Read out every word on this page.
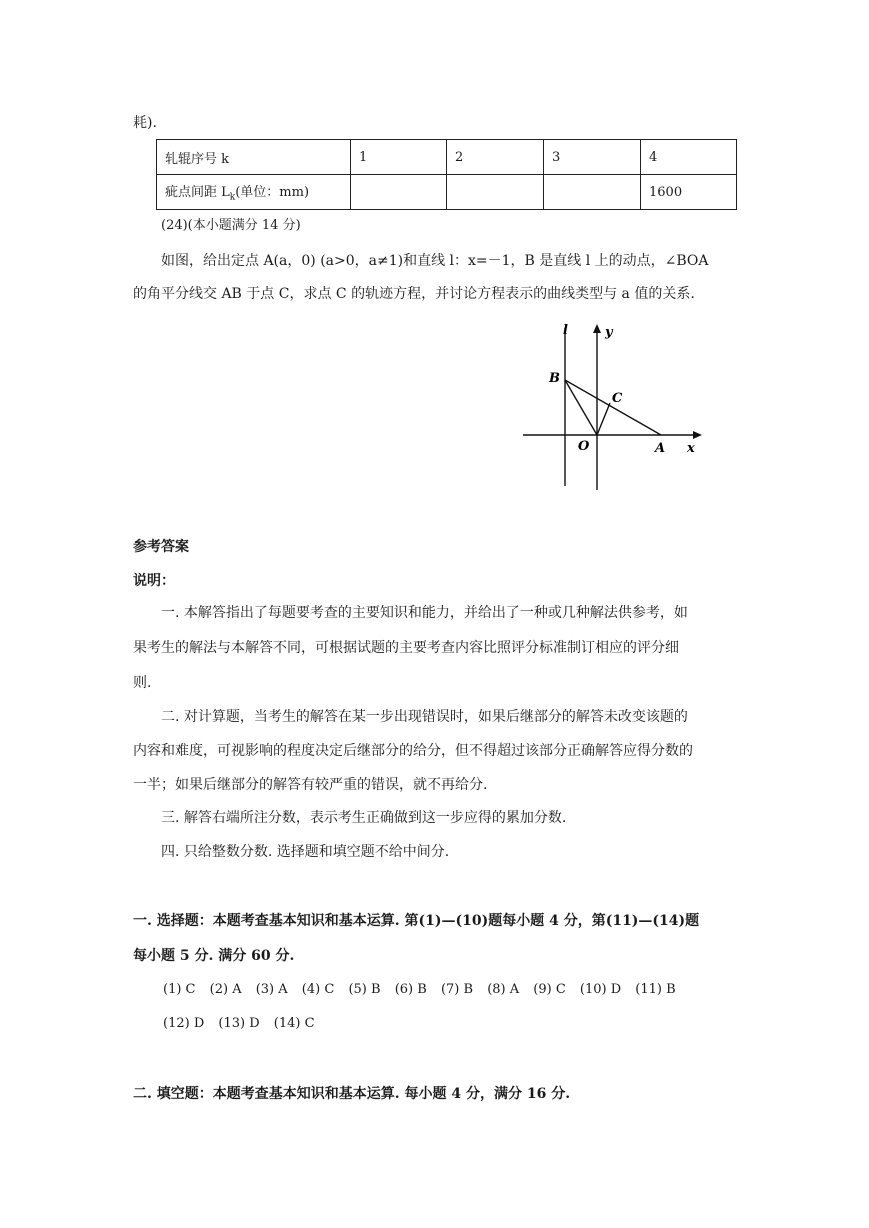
耗).
轧辊序号 k	1	2	3	4
疵点间距 $L_k$(单位：mm)				1600
(24)(本小题满分 14 分)
如图，给出定点 A(a，0) (a>0，a≠1)和直线 l：x=－1，B 是直线 l 上的动点，∠BOA
的角平分线交 AB 于点 C，求点 C 的轨迹方程，并讨论方程表示的曲线类型与 a 值的关系.
l	y
B
C
O	A x
参考答案
说明：
一. 本解答指出了每题要考查的主要知识和能力，并给出了一种或几种解法供参考，如
果考生的解法与本解答不同，可根据试题的主要考查内容比照评分标准制订相应的评分细
则.
二. 对计算题，当考生的解答在某一步出现错误时，如果后继部分的解答未改变该题的
内容和难度，可视影响的程度决定后继部分的给分，但不得超过该部分正确解答应得分数的
一半；如果后继部分的解答有较严重的错误，就不再给分.
三. 解答右端所注分数，表示考生正确做到这一步应得的累加分数.
四. 只给整数分数. 选择题和填空题不给中间分.
一. 选择题：本题考查基本知识和基本运算. 第(1)—(10)题每小题 4 分，第(11)—(14)题
每小题 5 分. 满分 60 分.
(1) C (2) A (3) A (4) C (5) B (6) B (7) B (8) A (9) C (10) D (11) B
(12) D (13) D (14) C
二. 填空题：本题考查基本知识和基本运算. 每小题 4 分，满分 16 分.
